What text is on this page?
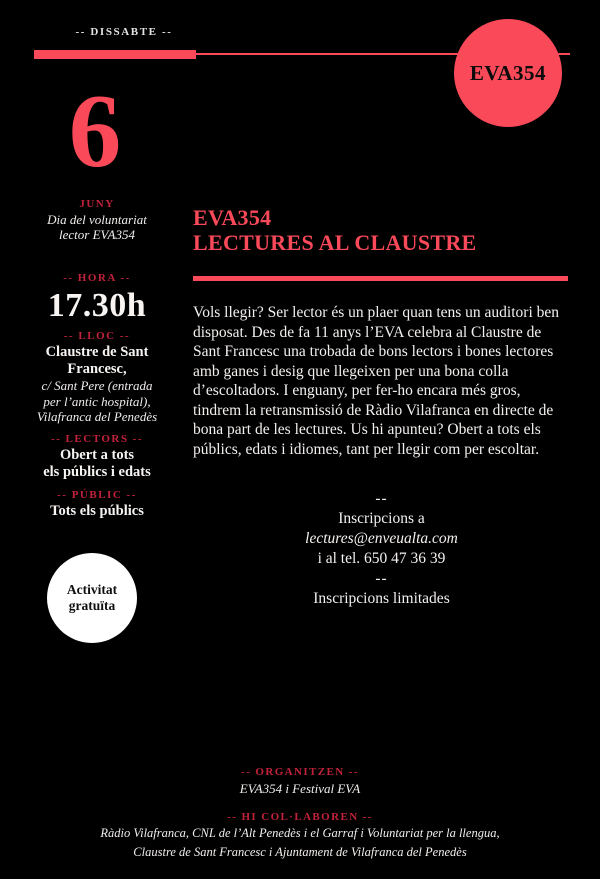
-- DISSABTE --
EVA354
6
JUNY
Dia del voluntariat
lector EVA354
-- HORA --
17.30h
-- LLOC --
Claustre de Sant
Francesc,
c/ Sant Pere (entrada
per l’antic hospital),
Vilafranca del Penedès
-- LECTORS --
Obert a tots
els públics i edats
-- PÚBLIC --
Tots els públics
Activitat
gratuïta
EVA354
LECTURES AL CLAUSTRE
Vols llegir? Ser lector és un plaer quan tens un auditori ben disposat. Des de fa 11 anys l’EVA celebra al Claustre de Sant Francesc una trobada de bons lectors i bones lectores amb ganes i desig que llegeixen per una bona colla d’escoltadors. I enguany, per fer-ho encara més gros, tindrem la retransmissió de Ràdio Vilafranca en directe de bona part de les lectures. Us hi apunteu? Obert a tots els públics, edats i idiomes, tant per llegir com per escoltar.
--
Inscripcions a
lectures@enveualta.com
i al tel. 650 47 36 39
--
Inscripcions limitades
-- ORGANITZEN --
EVA354 i Festival EVA
-- HI COL·LABOREN --
Ràdio Vilafranca, CNL de l’Alt Penedès i el Garraf i Voluntariat per la llengua,
Claustre de Sant Francesc i Ajuntament de Vilafranca del Penedès
